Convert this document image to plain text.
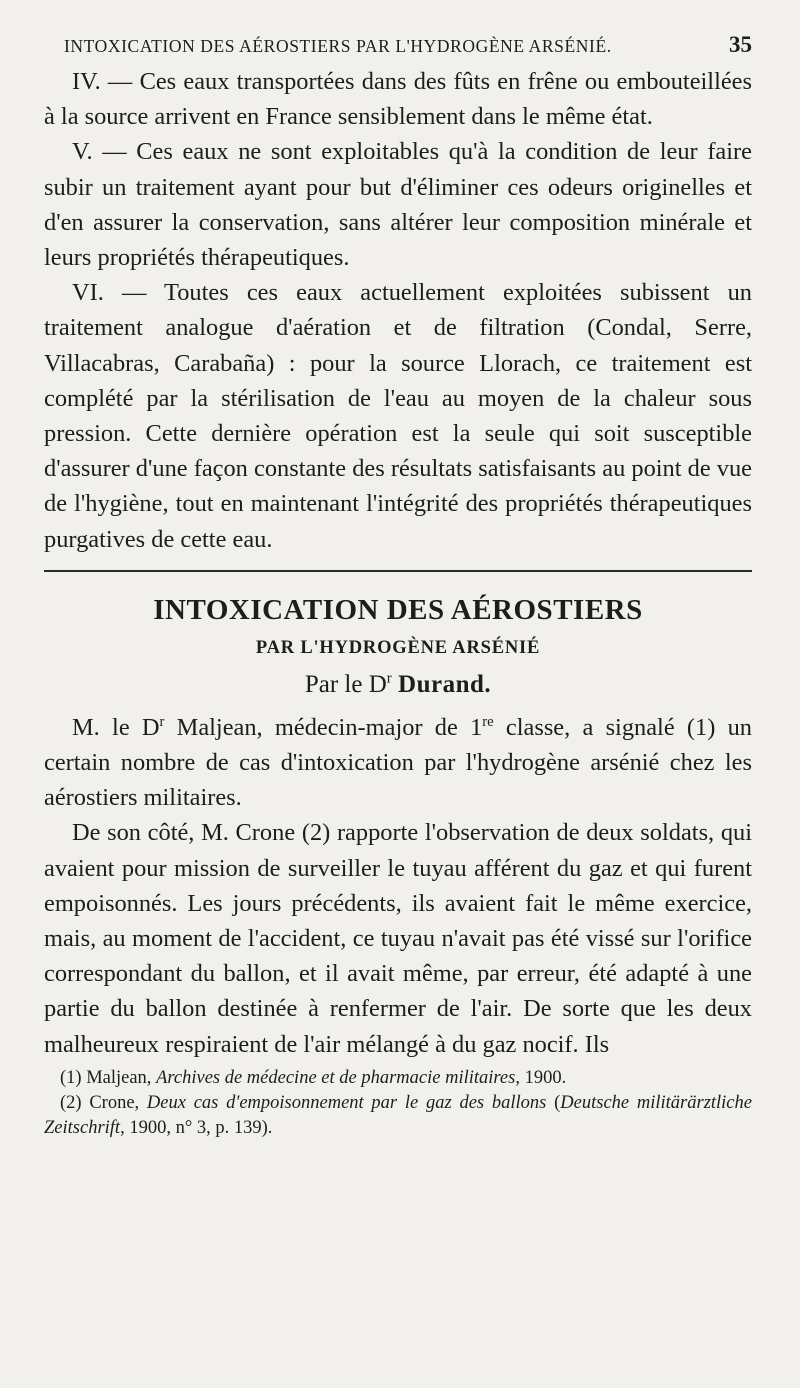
INTOXICATION DES AÉROSTIERS PAR L'HYDROGÈNE ARSÉNIÉ.	35

IV. — Ces eaux transportées dans des fûts en frêne ou embouteillées à la source arrivent en France sensiblement dans le même état.

V. — Ces eaux ne sont exploitables qu'à la condition de leur faire subir un traitement ayant pour but d'éliminer ces odeurs originelles et d'en assurer la conservation, sans altérer leur composition minérale et leurs propriétés thérapeutiques.

VI. — Toutes ces eaux actuellement exploitées subissent un traitement analogue d'aération et de filtration (Condal, Serre, Villacabras, Carabaña) : pour la source Llorach, ce traitement est complété par la stérilisation de l'eau au moyen de la chaleur sous pression. Cette dernière opération est la seule qui soit susceptible d'assurer d'une façon constante des résultats satisfaisants au point de vue de l'hygiène, tout en maintenant l'intégrité des propriétés thérapeutiques purgatives de cette eau.

INTOXICATION DES AÉROSTIERS
PAR L'HYDROGÈNE ARSÉNIÉ

Par le $D^r$ Durand.

M. le $D^r$ Maljean, médecin-major de 1re classe, a signalé (1) un certain nombre de cas d'intoxication par l'hydrogène arsénié chez les aérostiers militaires.

De son côté, M. Crone (2) rapporte l'observation de deux soldats, qui avaient pour mission de surveiller le tuyau afférent du gaz et qui furent empoisonnés. Les jours précédents, ils avaient fait le même exercice, mais, au moment de l'accident, ce tuyau n'avait pas été vissé sur l'orifice correspondant du ballon, et il avait même, par erreur, été adapté à une partie du ballon destinée à renfermer de l'air. De sorte que les deux malheureux respiraient de l'air mélangé à du gaz nocif. Ils

(1) Maljean, Archives de médecine et de pharmacie militaires, 1900.

(2) Crone, Deux cas d'empoisonnement par le gaz des ballons (Deutsche militärärztliche Zeitschrift, 1900, n° 3, p. 139).
